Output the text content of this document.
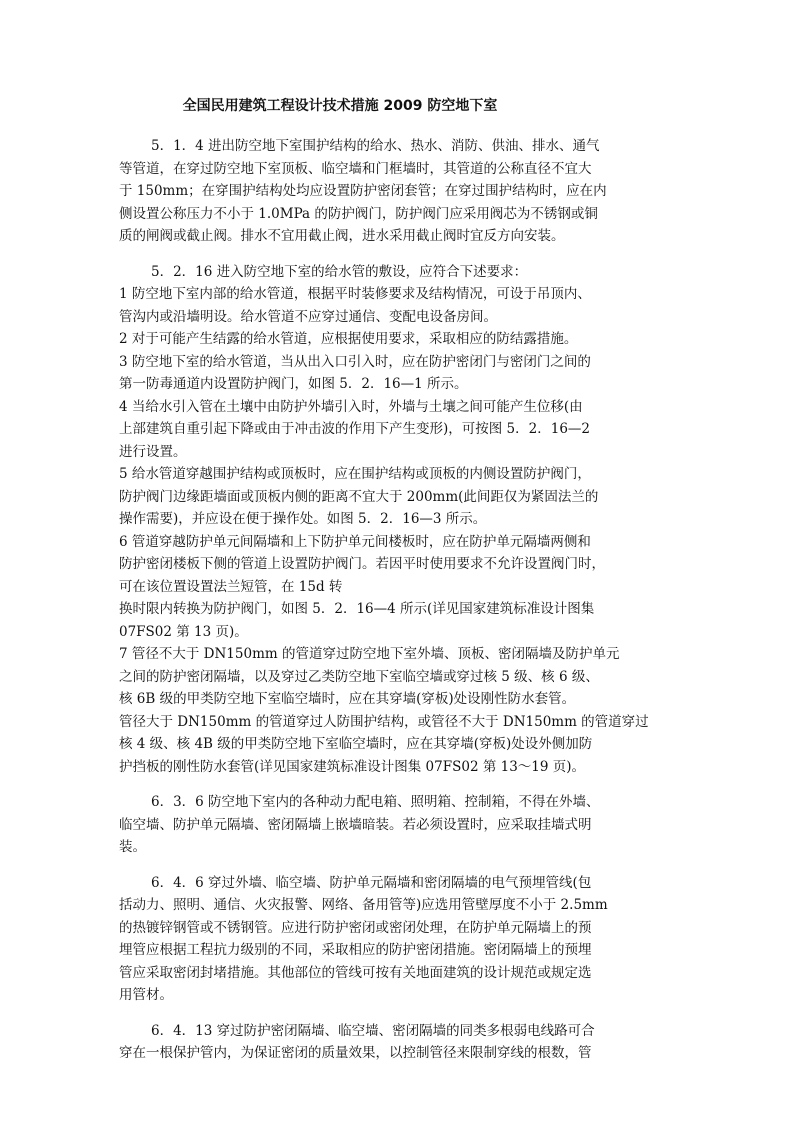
全国民用建筑工程设计技术措施 2009 防空地下室
5．1．4 进出防空地下室围护结构的给水、热水、消防、供油、排水、通气
等管道，在穿过防空地下室顶板、临空墙和门框墙时，其管道的公称直径不宜大
于 150mm；在穿围护结构处均应设置防护密闭套管；在穿过围护结构时，应在内
侧设置公称压力不小于 1.0MPa 的防护阀门，防护阀门应采用阀芯为不锈钢或铜
质的闸阀或截止阀。排水不宜用截止阀，进水采用截止阀时宜反方向安装。
5．2．16 进入防空地下室的给水管的敷设，应符合下述要求：
1 防空地下室内部的给水管道，根据平时装修要求及结构情况，可设于吊顶内、
管沟内或沿墙明设。给水管道不应穿过通信、变配电设备房间。
2 对于可能产生结露的给水管道，应根据使用要求，采取相应的防结露措施。
3 防空地下室的给水管道，当从出入口引入时，应在防护密闭门与密闭门之间的
第一防毒通道内设置防护阀门，如图 5．2．16—1 所示。
4 当给水引入管在土壤中由防护外墙引入时，外墙与土壤之间可能产生位移(由
上部建筑自重引起下降或由于冲击波的作用下产生变形)，可按图 5．2．16—2
进行设置。
5 给水管道穿越围护结构或顶板时，应在围护结构或顶板的内侧设置防护阀门，
防护阀门边缘距墙面或顶板内侧的距离不宜大于 200mm(此间距仅为紧固法兰的
操作需要)，并应设在便于操作处。如图 5．2．16—3 所示。
6 管道穿越防护单元间隔墙和上下防护单元间楼板时，应在防护单元隔墙两侧和
防护密闭楼板下侧的管道上设置防护阀门。若因平时使用要求不允许设置阀门时，
可在该位置设置法兰短管，在 15d 转
换时限内转换为防护阀门，如图 5．2．16—4 所示(详见国家建筑标准设计图集
07FS02 第 13 页)。
7 管径不大于 DN150mm 的管道穿过防空地下室外墙、顶板、密闭隔墙及防护单元
之间的防护密闭隔墙，以及穿过乙类防空地下室临空墙或穿过核 5 级、核 6 级、
核 6B 级的甲类防空地下室临空墙时，应在其穿墙(穿板)处设刚性防水套管。
管径大于 DN150mm 的管道穿过人防围护结构，或管径不大于 DN150mm 的管道穿过
核 4 级、核 4B 级的甲类防空地下室临空墙时，应在其穿墙(穿板)处设外侧加防
护挡板的刚性防水套管(详见国家建筑标准设计图集 07FS02 第 13～19 页)。
6．3．6 防空地下室内的各种动力配电箱、照明箱、控制箱，不得在外墙、
临空墙、防护单元隔墙、密闭隔墙上嵌墙暗装。若必须设置时，应采取挂墙式明
装。
6．4．6 穿过外墙、临空墙、防护单元隔墙和密闭隔墙的电气预埋管线(包
括动力、照明、通信、火灾报警、网络、备用管等)应选用管壁厚度不小于 2.5mm
的热镀锌钢管或不锈钢管。应进行防护密闭或密闭处理，在防护单元隔墙上的预
埋管应根据工程抗力级别的不同，采取相应的防护密闭措施。密闭隔墙上的预埋
管应采取密闭封堵措施。其他部位的管线可按有关地面建筑的设计规范或规定选
用管材。
6．4．13 穿过防护密闭隔墙、临空墙、密闭隔墙的同类多根弱电线路可合
穿在一根保护管内，为保证密闭的质量效果，以控制管径来限制穿线的根数，管
